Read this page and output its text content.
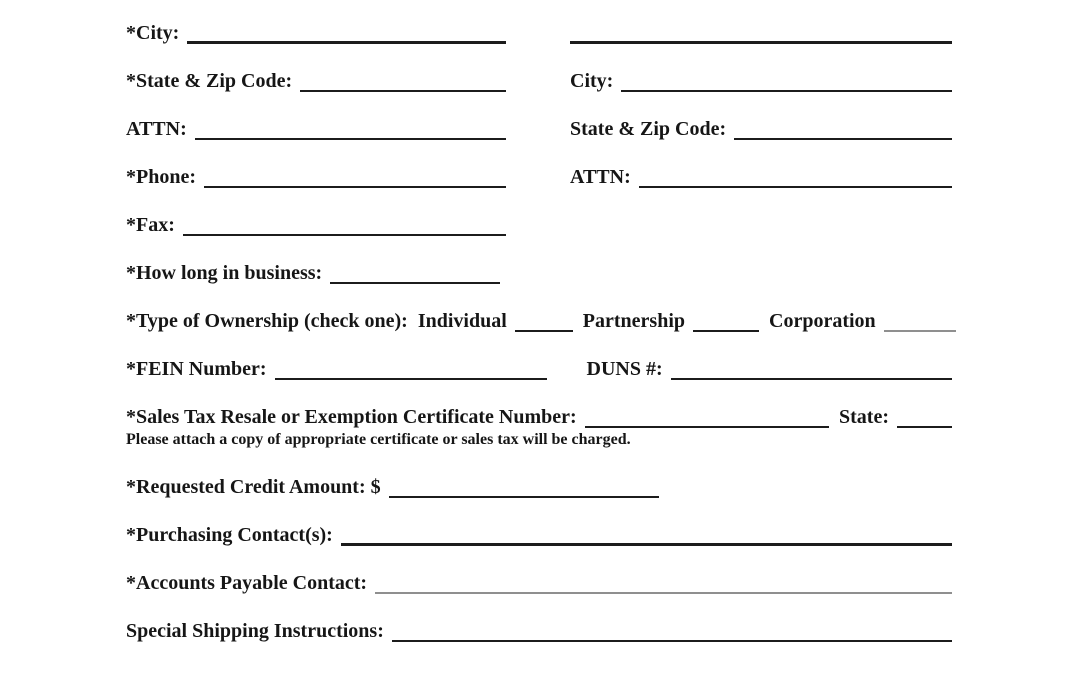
*City:
*State & Zip Code:	City:
ATTN:	State & Zip Code:
*Phone:	ATTN:
*Fax:
*How long in business:
*Type of Ownership (check one): Individual	Partnership	Corporation
*FEIN Number:	DUNS #:
*Sales Tax Resale or Exemption Certificate Number:	State:
Please attach a copy of appropriate certificate or sales tax will be charged.
*Requested Credit Amount: $
*Purchasing Contact(s):
*Accounts Payable Contact:
Special Shipping Instructions:
